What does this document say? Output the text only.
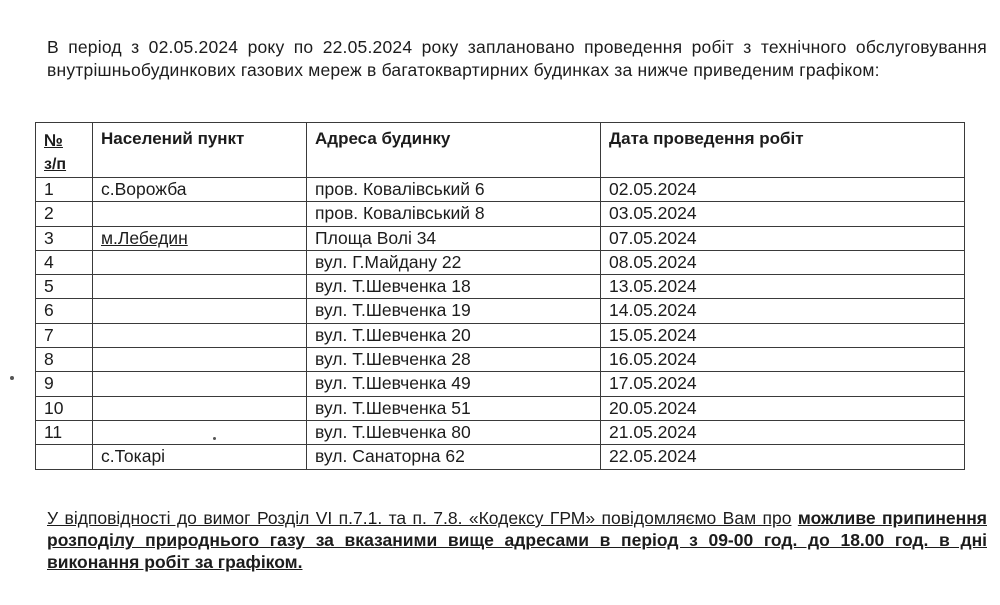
В період з 02.05.2024 року по 22.05.2024 року заплановано проведення робіт з технічного обслуговування внутрішньобудинкових газових мереж в багатоквартирних будинках за нижче приведеним графіком:

№
з/п	Населений пункт	Адреса будинку	Дата проведення робіт
1	с.Ворожба	пров. Ковалівський 6	02.05.2024
2		пров. Ковалівський 8	03.05.2024
3	м.Лебедин	Площа Волі 34	07.05.2024
4		вул. Г.Майдану 22	08.05.2024
5		вул. Т.Шевченка 18	13.05.2024
6		вул. Т.Шевченка 19	14.05.2024
7		вул. Т.Шевченка 20	15.05.2024
8		вул. Т.Шевченка 28	16.05.2024
9		вул. Т.Шевченка 49	17.05.2024
10		вул. Т.Шевченка 51	20.05.2024
11		вул. Т.Шевченка 80	21.05.2024
	с.Токарі	вул. Санаторна 62	22.05.2024

У відповідності до вимог Розділ VI п.7.1. та п. 7.8. «Кодексу ГРМ» повідомляємо Вам про можливе припинення розподілу природнього газу за вказаними вище адресами в період з 09-00 год. до 18.00 год. в дні виконання робіт за графіком.
